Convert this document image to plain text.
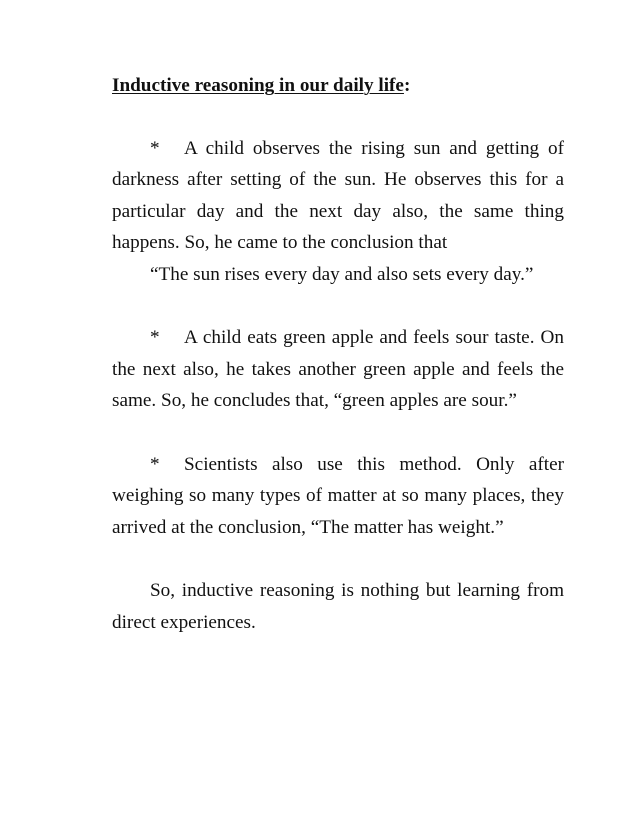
Inductive reasoning in our daily life:

* A child observes the rising sun and getting of darkness after setting of the sun. He observes this for a particular day and the next day also, the same thing happens. So, he came to the conclusion that

“The sun rises every day and also sets every day.”

* A child eats green apple and feels sour taste. On the next also, he takes another green apple and feels the same. So, he concludes that, “green apples are sour.”

* Scientists also use this method. Only after weighing so many types of matter at so many places, they arrived at the conclusion, “The matter has weight.”

So, inductive reasoning is nothing but learning from direct experiences.
